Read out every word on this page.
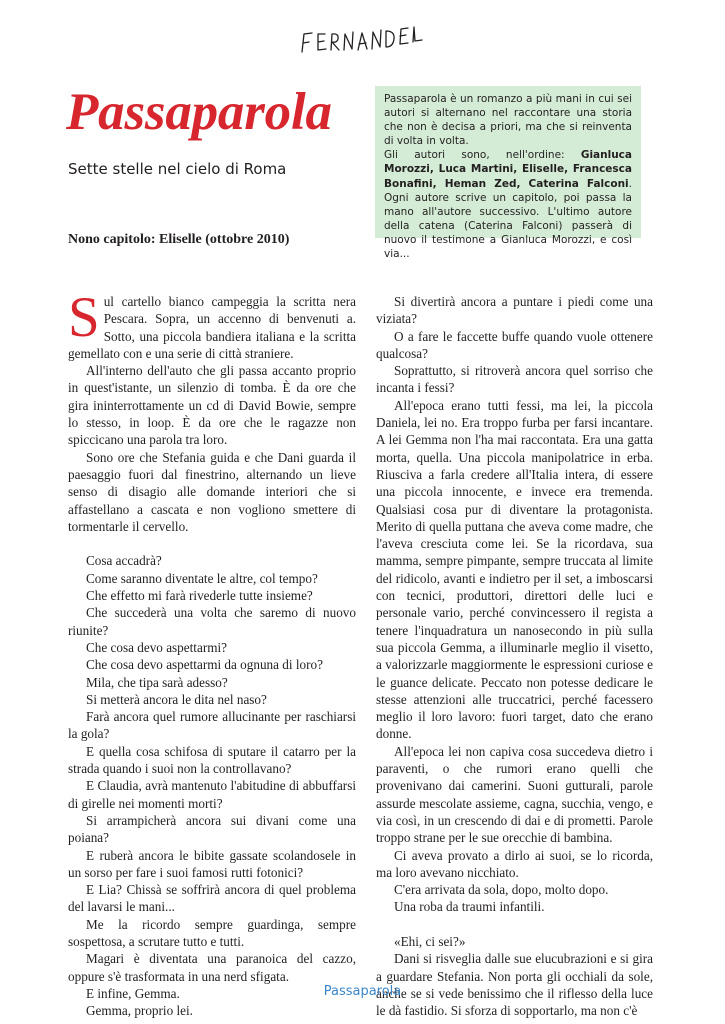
Passaparola
Sette stelle nel cielo di Roma

Nono capitolo: Eliselle (ottobre 2010)

Passaparola è un romanzo a più mani in cui sei autori si alternano nel raccontare una storia che non è decisa a priori, ma che si reinventa di volta in volta.

Gli autori sono, nell'ordine: Gianluca Morozzi, Luca Martini, Eliselle, Francesca Bonafini, Heman Zed, Caterina Falconi. Ogni autore scrive un capitolo, poi passa la mano all'autore successivo. L'ultimo autore della catena (Caterina Falconi) passerà di nuovo il testimone a Gianluca Morozzi, e così via...

Sul cartello bianco campeggia la scritta nera Pescara. Sopra, un accenno di benvenuti a. Sotto, una piccola bandiera italiana e la scritta gemellato con e una serie di città straniere.

All'interno dell'auto che gli passa accanto proprio in quest'istante, un silenzio di tomba. È da ore che gira ininterrottamente un cd di David Bowie, sempre lo stesso, in loop. È da ore che le ragazze non spiccicano una parola tra loro.

Sono ore che Stefania guida e che Dani guarda il paesaggio fuori dal finestrino, alternando un lieve senso di disagio alle domande interiori che si affastellano a cascata e non vogliono smettere di tormentarle il cervello.

Cosa accadrà?

Come saranno diventate le altre, col tempo?

Che effetto mi farà rivederle tutte insieme?

Che succederà una volta che saremo di nuovo riunite?

Che cosa devo aspettarmi?

Che cosa devo aspettarmi da ognuna di loro?

Mila, che tipa sarà adesso?

Si metterà ancora le dita nel naso?

Farà ancora quel rumore allucinante per raschiarsi la gola?

E quella cosa schifosa di sputare il catarro per la strada quando i suoi non la controllavano?

E Claudia, avrà mantenuto l'abitudine di abbuffarsi di girelle nei momenti morti?

Si arrampicherà ancora sui divani come una poiana?

E ruberà ancora le bibite gassate scolandosele in un sorso per fare i suoi famosi rutti fotonici?

E Lia? Chissà se soffrirà ancora di quel problema del lavarsi le mani...

Me la ricordo sempre guardinga, sempre sospettosa, a scrutare tutto e tutti.

Magari è diventata una paranoica del cazzo, oppure s'è trasformata in una nerd sfigata.

E infine, Gemma.

Gemma, proprio lei.

Si divertirà ancora a puntare i piedi come una viziata?

O a fare le faccette buffe quando vuole ottenere qualcosa?

Soprattutto, si ritroverà ancora quel sorriso che incanta i fessi?

All'epoca erano tutti fessi, ma lei, la piccola Daniela, lei no. Era troppo furba per farsi incantare. A lei Gemma non l'ha mai raccontata. Era una gatta morta, quella. Una piccola manipolatrice in erba. Riusciva a farla credere all'Italia intera, di essere una piccola innocente, e invece era tremenda. Qualsiasi cosa pur di diventare la protagonista. Merito di quella puttana che aveva come madre, che l'aveva cresciuta come lei. Se la ricordava, sua mamma, sempre pimpante, sempre trucсata al limite del ridicolo, avanti e indietro per il set, a imboscarsi con tecnici, produttori, direttori delle luci e personale vario, perché convincessero il regista a tenere l'inquadratura un nanosecondo in più sulla sua piccola Gemma, a illuminarle meglio il visetto, a valorizzarle maggiormente le espressioni curiose e le guance delicate. Peccato non potesse dedicare le stesse attenzioni alle truccatrici, perché facessero meglio il loro lavoro: fuori target, dato che erano donne.

All'epoca lei non capiva cosa succedeva dietro i paraventi, o che rumori erano quelli che provenivano dai camerini. Suoni gutturali, parole assurde mescolate assieme, cagna, succhia, vengo, e via così, in un crescendo di dai e di prometti. Parole troppo strane per le sue orecchie di bambina.

Ci aveva provato a dirlo ai suoi, se lo ricorda, ma loro avevano nicchiato.

C'era arrivata da sola, dopo, molto dopo.

Una roba da traumi infantili.

«Ehi, ci sei?»

Dani si risveglia dalle sue elucubrazioni e si gira a guardare Stefania. Non porta gli occhiali da sole, anche se si vede benissimo che il riflesso della luce le dà fastidio. Si sforza di sopportarlo, ma non c'è

Passaparola
